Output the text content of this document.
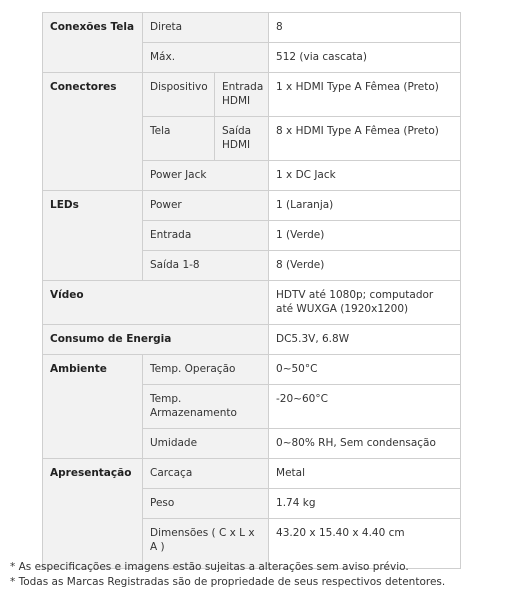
Conexões Tela	Direta		8
	Máx.		512 (via cascata)
Conectores	Dispositivo	Entrada HDMI	1 x HDMI Type A Fêmea (Preto)
	Tela	Saída HDMI	8 x HDMI Type A Fêmea (Preto)
	Power Jack		1 x DC Jack
LEDs	Power		1 (Laranja)
	Entrada		1 (Verde)
	Saída 1-8		8 (Verde)
Vídeo			HDTV até 1080p; computador até WUXGA (1920x1200)
Consumo de Energia			DC5.3V, 6.8W
Ambiente	Temp. Operação		0~50°C
	Temp. Armazenamento		-20~60°C
	Umidade		0~80% RH, Sem condensação
Apresentação	Carcaça		Metal
	Peso		1.74 kg
	Dimensões ( C x L x A )		43.20 x 15.40 x 4.40 cm
* As especificações e imagens estão sujeitas a alterações sem aviso prévio.
* Todas as Marcas Registradas são de propriedade de seus respectivos detentores.
